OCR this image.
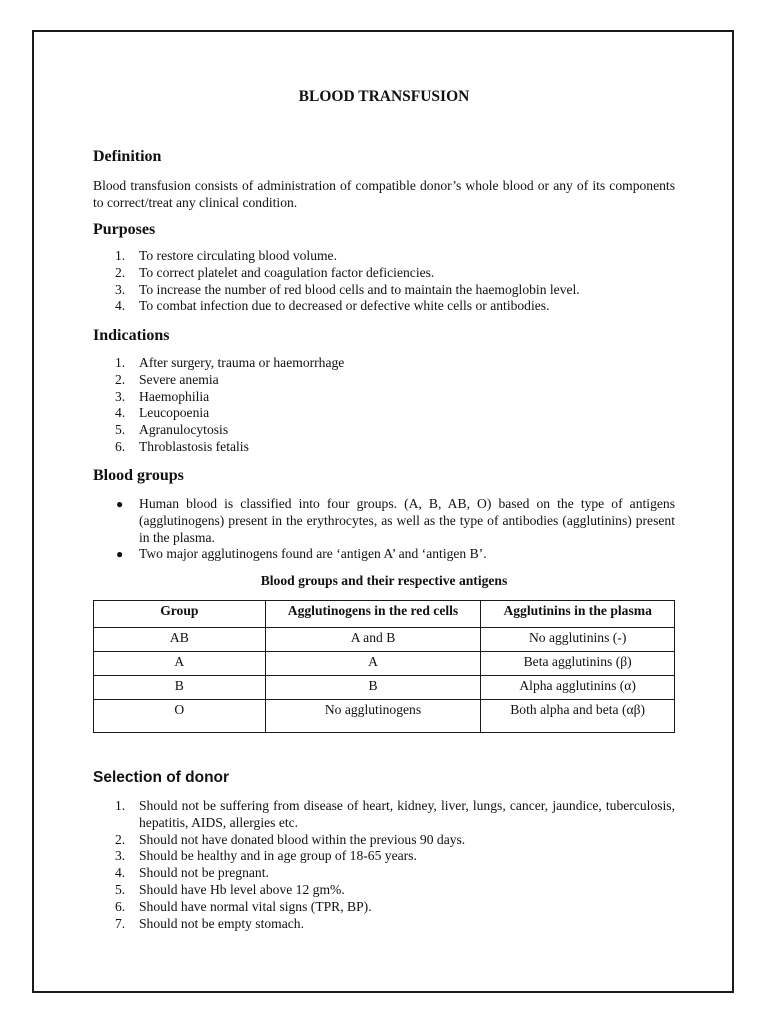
BLOOD TRANSFUSION
Definition

Blood transfusion consists of administration of compatible donor’s whole blood or any of its components to correct/treat any clinical condition.

Purposes
1. To restore circulating blood volume.
2. To correct platelet and coagulation factor deficiencies.
3. To increase the number of red blood cells and to maintain the haemoglobin level.
4. To combat infection due to decreased or defective white cells or antibodies.
Indications
1. After surgery, trauma or haemorrhage
2. Severe anemia
3. Haemophilia
4. Leucopoenia
5. Agranulocytosis
6. Throblastosis fetalis
Blood groups
● Human blood is classified into four groups. (A, B, AB, O) based on the type of antigens (agglutinogens) present in the erythrocytes, as well as the type of antibodies (agglutinins) present in the plasma.
● Two major agglutinogens found are ‘antigen A’ and ‘antigen B’.

Blood groups and their respective antigens

Group	Agglutinogens in the red cells	Agglutinins in the plasma
AB	A and B	No agglutinins (-)
A	A	Beta agglutinins (β)
B	B	Alpha agglutinins (α)
O	No agglutinogens	Both alpha and beta (αβ)
Selection of donor
1. Should not be suffering from disease of heart, kidney, liver, lungs, cancer, jaundice, tuberculosis, hepatitis, AIDS, allergies etc.
2. Should not have donated blood within the previous 90 days.
3. Should be healthy and in age group of 18-65 years.
4. Should not be pregnant.
5. Should have Hb level above 12 gm%.
6. Should have normal vital signs (TPR, BP).
7. Should not be empty stomach.
